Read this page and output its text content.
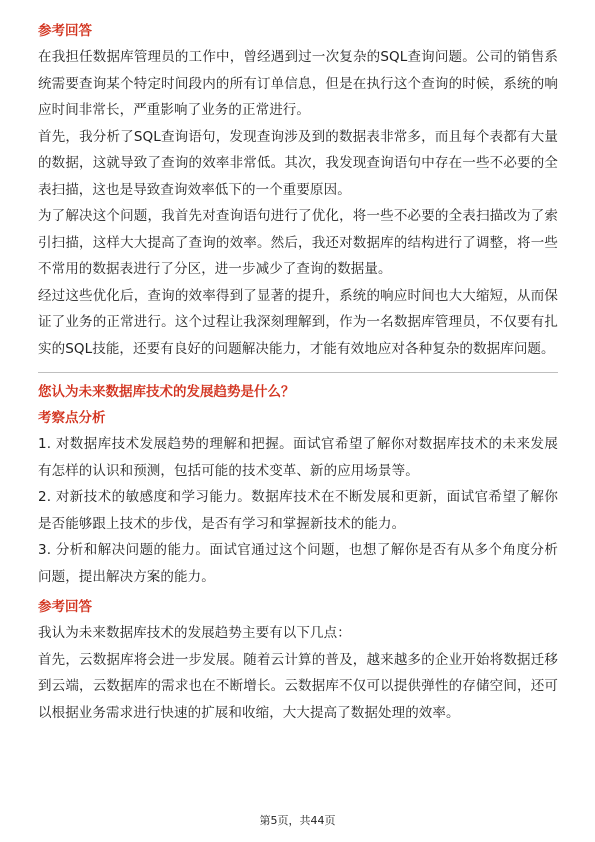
参考回答

在我担任数据库管理员的工作中，曾经遇到过一次复杂的SQL查询问题。公司的销售系统需要查询某个特定时间段内的所有订单信息，但是在执行这个查询的时候，系统的响应时间非常长，严重影响了业务的正常进行。

首先，我分析了SQL查询语句，发现查询涉及到的数据表非常多，而且每个表都有大量的数据，这就导致了查询的效率非常低。其次，我发现查询语句中存在一些不必要的全表扫描，这也是导致查询效率低下的一个重要原因。

为了解决这个问题，我首先对查询语句进行了优化，将一些不必要的全表扫描改为了索引扫描，这样大大提高了查询的效率。然后，我还对数据库的结构进行了调整，将一些不常用的数据表进行了分区，进一步减少了查询的数据量。

经过这些优化后，查询的效率得到了显著的提升，系统的响应时间也大大缩短，从而保证了业务的正常进行。这个过程让我深刻理解到，作为一名数据库管理员，不仅要有扎实的SQL技能，还要有良好的问题解决能力，才能有效地应对各种复杂的数据库问题。

您认为未来数据库技术的发展趋势是什么？

考察点分析

1. 对数据库技术发展趋势的理解和把握。面试官希望了解你对数据库技术的未来发展有怎样的认识和预测，包括可能的技术变革、新的应用场景等。

2. 对新技术的敏感度和学习能力。数据库技术在不断发展和更新，面试官希望了解你是否能够跟上技术的步伐，是否有学习和掌握新技术的能力。

3. 分析和解决问题的能力。面试官通过这个问题，也想了解你是否有从多个角度分析问题，提出解决方案的能力。

参考回答

我认为未来数据库技术的发展趋势主要有以下几点：

首先，云数据库将会进一步发展。随着云计算的普及，越来越多的企业开始将数据迁移到云端，云数据库的需求也在不断增长。云数据库不仅可以提供弹性的存储空间，还可以根据业务需求进行快速的扩展和收缩，大大提高了数据处理的效率。

第5页，共44页
